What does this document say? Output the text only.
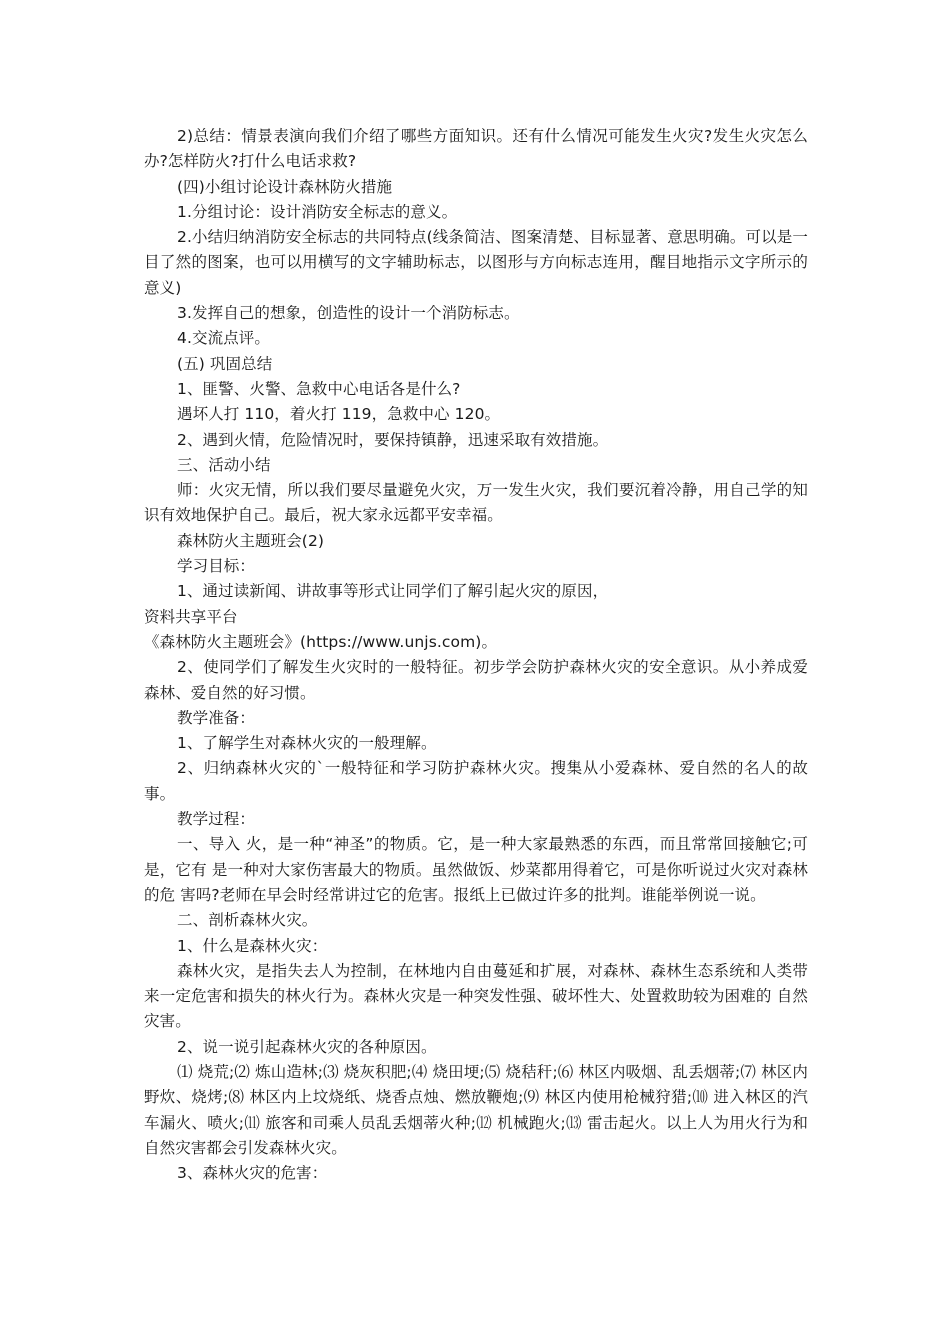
2)总结：情景表演向我们介绍了哪些方面知识。还有什么情况可能发生火灾?发生火灾怎么办?怎样防火?打什么电话求救?

(四)小组讨论设计森林防火措施

1.分组讨论：设计消防安全标志的意义。

2.小结归纳消防安全标志的共同特点(线条简洁、图案清楚、目标显著、意思明确。可以是一目了然的图案，也可以用横写的文字辅助标志，以图形与方向标志连用，醒目地指示文字所示的意义)

3.发挥自己的想象，创造性的设计一个消防标志。

4.交流点评。

(五) 巩固总结

1、匪警、火警、急救中心电话各是什么?

遇坏人打 110，着火打 119，急救中心 120。

2、遇到火情，危险情况时，要保持镇静，迅速采取有效措施。

三、活动小结

师：火灾无情，所以我们要尽量避免火灾，万一发生火灾，我们要沉着冷静，用自己学的知识有效地保护自己。最后，祝大家永远都平安幸福。

森林防火主题班会(2)

学习目标：

1、通过读新闻、讲故事等形式让同学们了解引起火灾的原因，

资料共享平台

《森林防火主题班会》(https://www.unjs.com)。

2、使同学们了解发生火灾时的一般特征。初步学会防护森林火灾的安全意识。从小养成爱 森林、爱自然的好习惯。

教学准备：

1、了解学生对森林火灾的一般理解。

2、归纳森林火灾的`一般特征和学习防护森林火灾。搜集从小爱森林、爱自然的名人的故事。

教学过程：

一、导入 火，是一种“神圣”的物质。它，是一种大家最熟悉的东西，而且常常回接触它;可是，它有 是一种对大家伤害最大的物质。虽然做饭、炒菜都用得着它，可是你听说过火灾对森林的危 害吗?老师在早会时经常讲过它的危害。报纸上已做过许多的批判。谁能举例说一说。

二、剖析森林火灾。

1、什么是森林火灾：

森林火灾，是指失去人为控制，在林地内自由蔓延和扩展，对森林、森林生态系统和人类带 来一定危害和损失的林火行为。森林火灾是一种突发性强、破坏性大、处置救助较为困难的 自然灾害。

2、说一说引起森林火灾的各种原因。

⑴ 烧荒;⑵ 炼山造林;⑶ 烧灰积肥;⑷ 烧田埂;⑸ 烧秸秆;⑹ 林区内吸烟、乱丢烟蒂;⑺ 林区内野炊、烧烤;⑻ 林区内上坟烧纸、烧香点烛、燃放鞭炮;⑼ 林区内使用枪械狩猎;⑽ 进入林区的汽车漏火、喷火;⑾ 旅客和司乘人员乱丢烟蒂火种;⑿ 机械跑火;⒀ 雷击起火。以上人为用火行为和自然灾害都会引发森林火灾。

3、森林火灾的危害：
